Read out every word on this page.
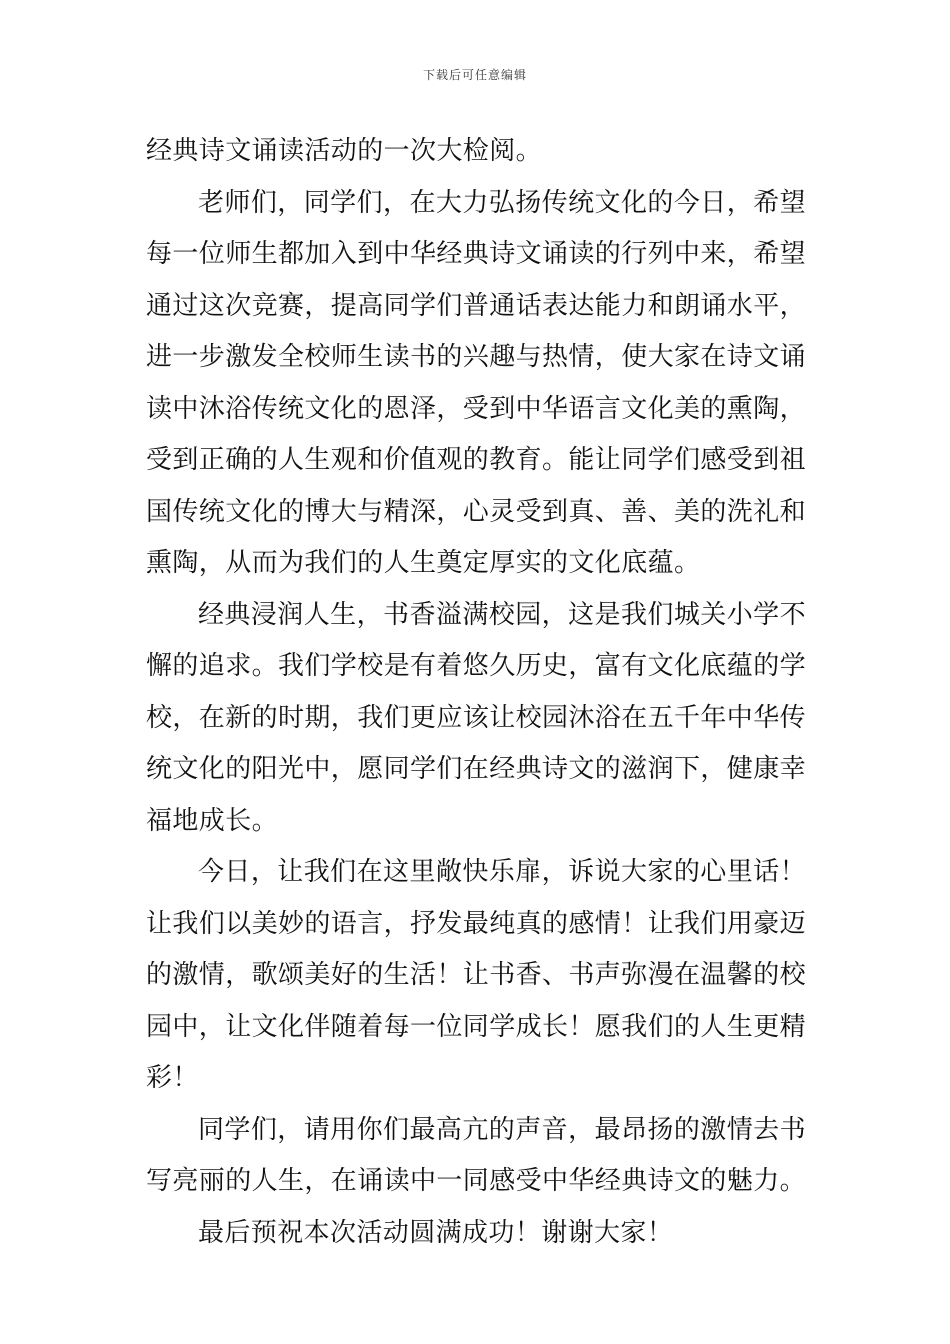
下载后可任意编辑

经典诗文诵读活动的一次大检阅。

老师们，同学们，在大力弘扬传统文化的今日，希望每一位师生都加入到中华经典诗文诵读的行列中来，希望通过这次竞赛，提高同学们普通话表达能力和朗诵水平，进一步激发全校师生读书的兴趣与热情，使大家在诗文诵读中沐浴传统文化的恩泽，受到中华语言文化美的熏陶，受到正确的人生观和价值观的教育。能让同学们感受到祖国传统文化的博大与精深，心灵受到真、善、美的洗礼和熏陶，从而为我们的人生奠定厚实的文化底蕴。

经典浸润人生，书香溢满校园，这是我们城关小学不懈的追求。我们学校是有着悠久历史，富有文化底蕴的学校，在新的时期，我们更应该让校园沐浴在五千年中华传统文化的阳光中，愿同学们在经典诗文的滋润下，健康幸福地成长。

今日，让我们在这里敞快乐扉，诉说大家的心里话！让我们以美妙的语言，抒发最纯真的感情！让我们用豪迈的激情，歌颂美好的生活！让书香、书声弥漫在温馨的校园中，让文化伴随着每一位同学成长！愿我们的人生更精彩！

同学们，请用你们最高亢的声音，最昂扬的激情去书写亮丽的人生，在诵读中一同感受中华经典诗文的魅力。

最后预祝本次活动圆满成功！谢谢大家！
